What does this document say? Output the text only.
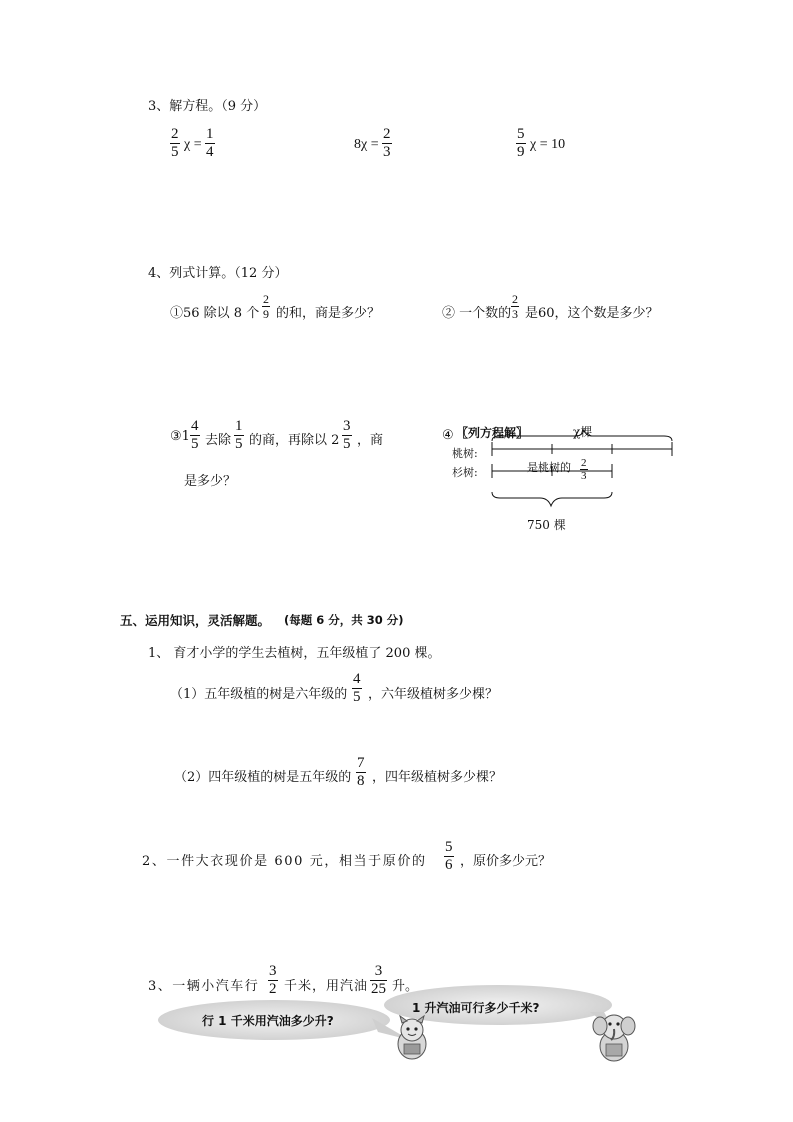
3、解方程。（9 分）
$\frac{2}{5}$ $\chi = \frac{1}{4}$	$8\chi = \frac{2}{3}$	$\frac{5}{9}$ χ = 10
4、列式计算。（12 分）
①56 除以 8 个 $\frac{2}{9}$ 的和，商是多少？	② 一个数的 $\frac{2}{3}$ 是60，这个数是多少？
③1 $\frac{4}{5}$ 去除 $\frac{1}{5}$ 的商，再除以 $2 \frac{3}{5}$ ，商
是多少？
④ 〖列方程解〗	χ棵
桃树:
杉树:	是桃树的 $\frac{2}{3}$
750 棵
五、运用知识，灵活解题。 (每题 6 分，共 30 分)
1、 育才小学的学生去植树，五年级植了 200 棵。
（1）五年级植的树是六年级的 $\frac{4}{5}$ ，六年级植树多少棵？
（2）四年级植的树是五年级的 $\frac{7}{8}$ ，四年级植树多少棵？
2、一件大衣现价是 600 元，相当于原价的 $\frac{5}{6}$ ，原价多少元？
3、一辆小汽车行 $\frac{3}{2}$ 千米，用汽油 $\frac{3}{25}$ 升。
行 1 千米用汽油多少升?
1 升汽油可行多少千米?
